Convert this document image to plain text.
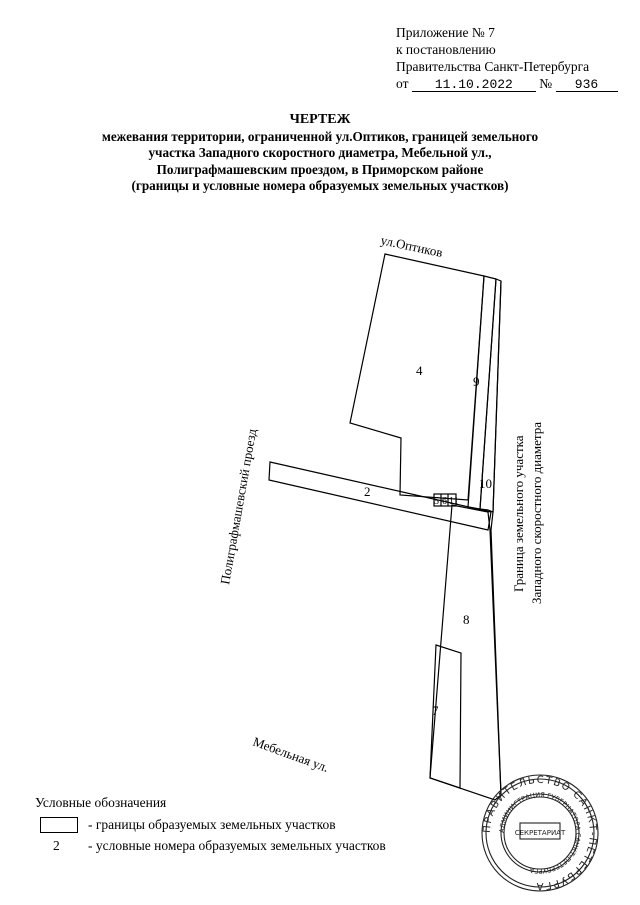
Приложение № 7
к постановлению
Правительства Санкт-Петербурга
от 11.10.2022 № 936
ЧЕРТЕЖ
межевания территории, ограниченной ул.Оптиков, границей земельного
участка Западного скоростного диаметра, Мебельной ул.,
Полиграфмашевским проездом, в Приморском районе
(границы и условные номера образуемых земельных участков)
ул.Оптиков
Полиграфмашевский проезд
Мебельная ул.
Граница земельного участка Западного скоростного диаметра
2
4
5 6
7
8
9
10
11
ПРАВИТЕЛЬСТВО САНКТ-ПЕТЕРБУРГА
АДМИНИСТРАЦИЯ ГУБЕРНАТОРА САНКТ-ПЕТЕРБУРГА
СЕКРЕТАРИАТ
Условные обозначения
- границы образуемых земельных участков
2 - условные номера образуемых земельных участков
